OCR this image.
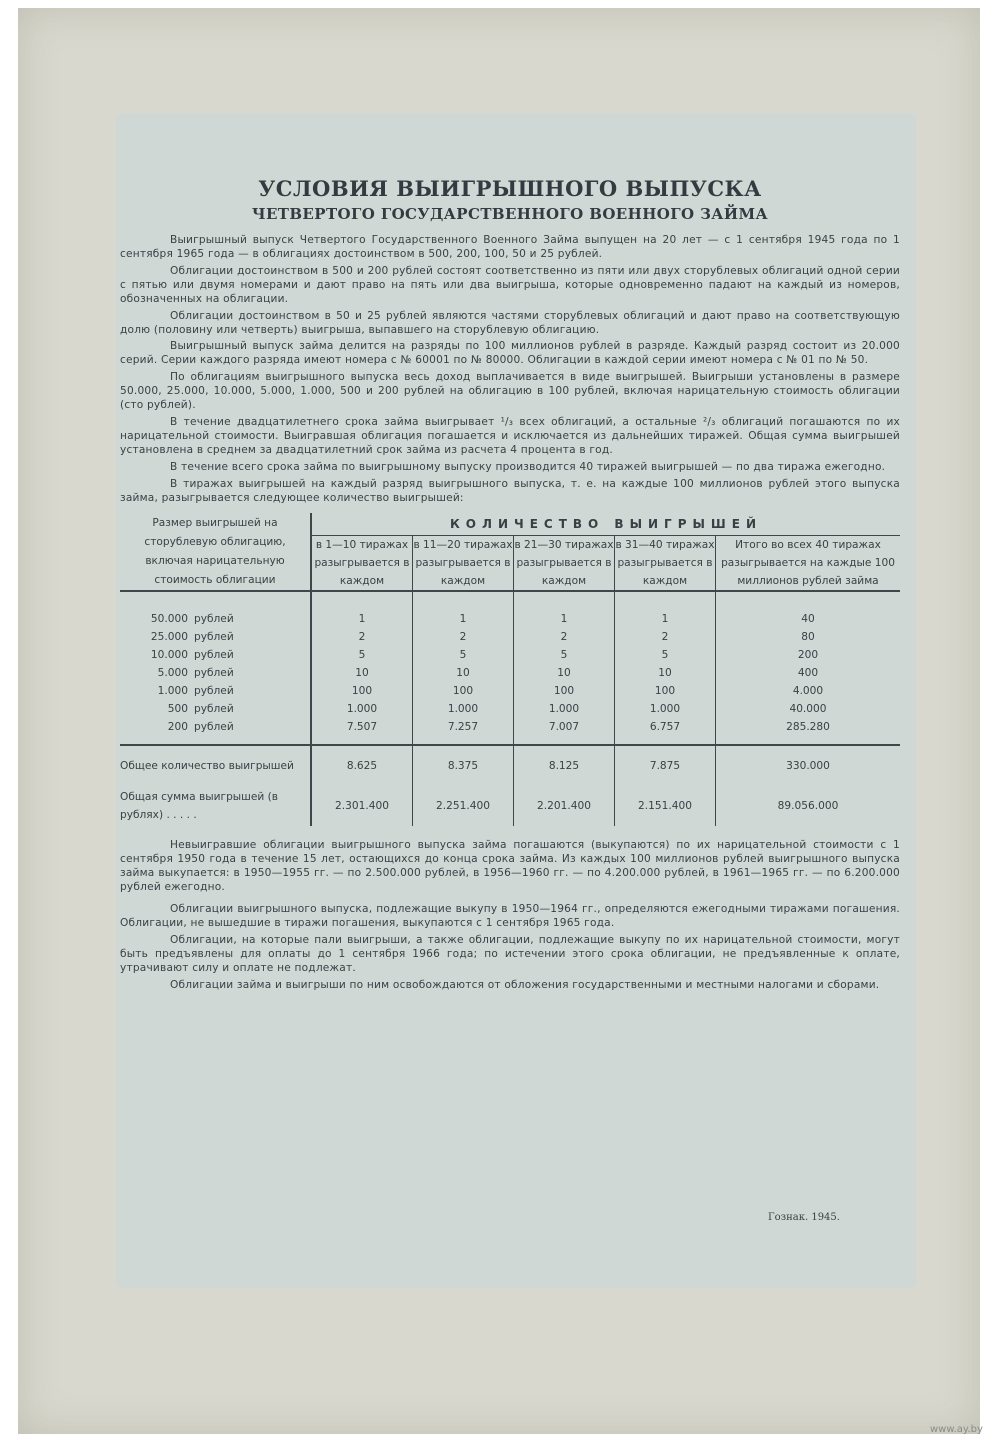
УСЛОВИЯ ВЫИГРЫШНОГО ВЫПУСКА
ЧЕТВЕРТОГО ГОСУДАРСТВЕННОГО ВОЕННОГО ЗАЙМА

Выигрышный выпуск Четвертого Государственного Военного Займа выпущен на 20 лет — с 1 сентября 1945 года по 1 сентября 1965 года — в облигациях достоинством в 500, 200, 100, 50 и 25 рублей.

Облигации достоинством в 500 и 200 рублей состоят соответственно из пяти или двух сторублевых облигаций одной серии с пятью или двумя номерами и дают право на пять или два выигрыша, которые одновременно падают на каждый из номеров, обозначенных на облигации.

Облигации достоинством в 50 и 25 рублей являются частями сторублевых облигаций и дают право на соответствующую долю (половину или четверть) выигрыша, выпавшего на сторублевую облигацию.

Выигрышный выпуск займа делится на разряды по 100 миллионов рублей в разряде. Каждый разряд состоит из 20.000 серий. Серии каждого разряда имеют номера с № 60001 по № 80000. Облигации в каждой серии имеют номера с № 01 по № 50.

По облигациям выигрышного выпуска весь доход выплачивается в виде выигрышей. Выигрыши установлены в размере 50.000, 25.000, 10.000, 5.000, 1.000, 500 и 200 рублей на облигацию в 100 рублей, включая нарицательную стоимость облигации (сто рублей).

В течение двадцатилетнего срока займа выигрывает ¹/₃ всех облигаций, а остальные ²/₃ облигаций погашаются по их нарицательной стоимости. Выигравшая облигация погашается и исключается из дальнейших тиражей. Общая сумма выигрышей установлена в среднем за двадцатилетний срок займа из расчета 4 процента в год.

В течение всего срока займа по выигрышному выпуску производится 40 тиражей выигрышей — по два тиража ежегодно.

В тиражах выигрышей на каждый разряд выигрышного выпуска, т. е. на каждые 100 миллионов рублей этого выпуска займа, разыгрывается следующее количество выигрышей:

Размер выигрышей на сторублевую облигацию, включая нарицательную стоимость облигации	КОЛИЧЕСТВО ВЫИГРЫШЕЙ				
	в 1—10 тиражах разыгрывается в каждом	в 11—20 тиражах разыгрывается в каждом	в 21—30 тиражах разыгрывается в каждом	в 31—40 тиражах разыгрывается в каждом	Итого во всех 40 тиражах разыгрывается на каждые 100 миллионов рублей займа

50.000 рублей	1	1	1	1	40
25.000 рублей	2	2	2	2	80
10.000 рублей	5	5	5	5	200
5.000 рублей	10	10	10	10	400
1.000 рублей	100	100	100	100	4.000
500 рублей	1.000	1.000	1.000	1.000	40.000
200 рублей	7.507	7.257	7.007	6.757	285.280

Общее количество выигрышей	8.625	8.375	8.125	7.875	330.000
Общая сумма выигрышей (в рублях) . . . . .	2.301.400	2.251.400	2.201.400	2.151.400	89.056.000

Невыигравшие облигации выигрышного выпуска займа погашаются (выкупаются) по их нарицательной стоимости с 1 сентября 1950 года в течение 15 лет, остающихся до конца срока займа. Из каждых 100 миллионов рублей выигрышного выпуска займа выкупается: в 1950—1955 гг. — по 2.500.000 рублей, в 1956—1960 гг. — по 4.200.000 рублей, в 1961—1965 гг. — по 6.200.000 рублей ежегодно.

Облигации выигрышного выпуска, подлежащие выкупу в 1950—1964 гг., определяются ежегодными тиражами погашения. Облигации, не вышедшие в тиражи погашения, выкупаются с 1 сентября 1965 года.

Облигации, на которые пали выигрыши, а также облигации, подлежащие выкупу по их нарицательной стоимости, могут быть предъявлены для оплаты до 1 сентября 1966 года; по истечении этого срока облигации, не предъявленные к оплате, утрачивают силу и оплате не подлежат.

Облигации займа и выигрыши по ним освобождаются от обложения государственными и местными налогами и сборами.

Гознак. 1945.
www.ay.by
